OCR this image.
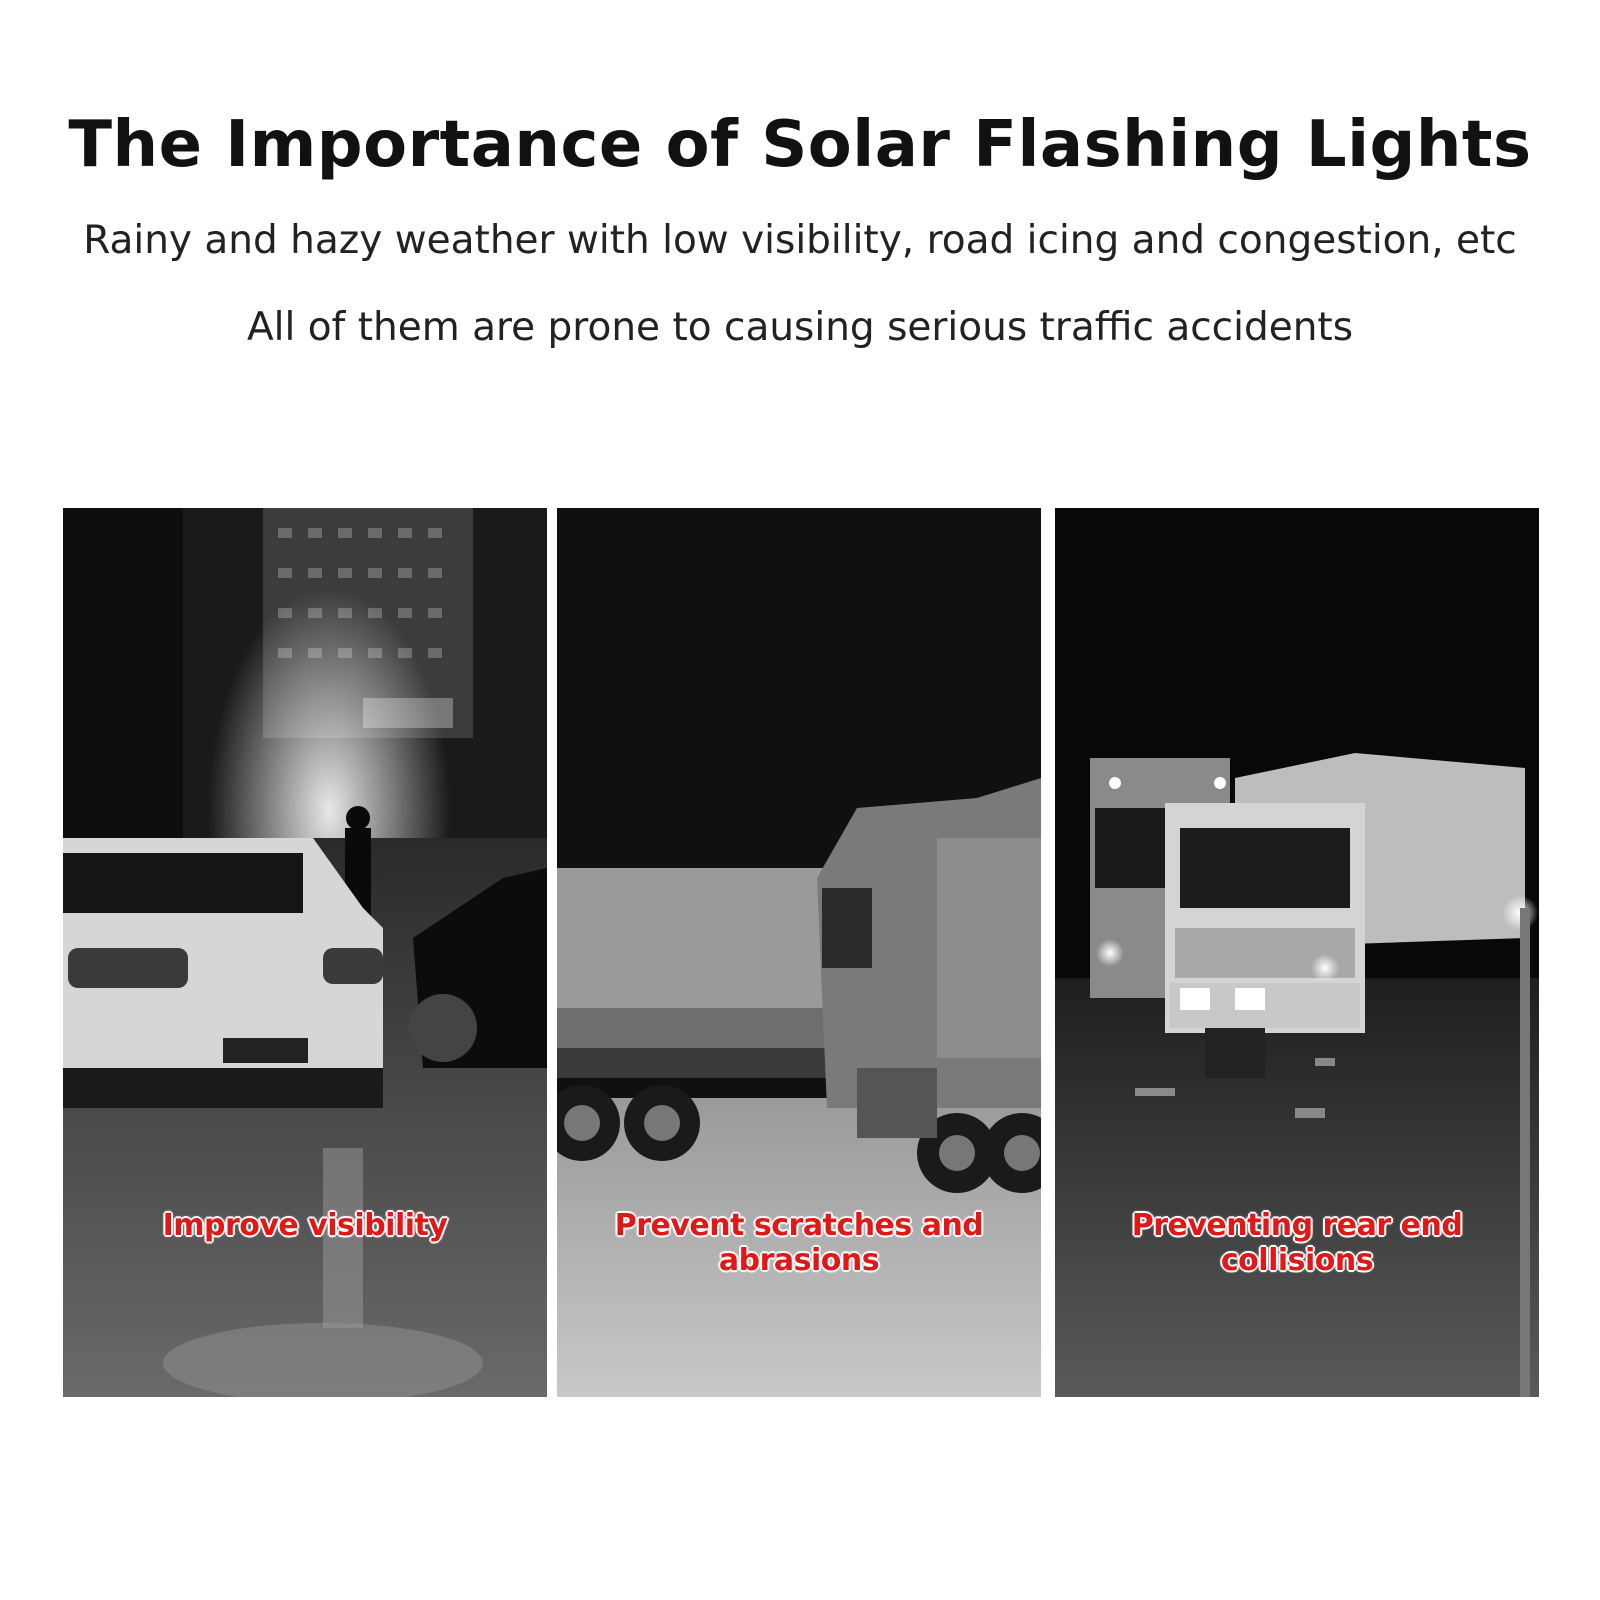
The Importance of Solar Flashing Lights
Rainy and hazy weather with low visibility, road icing and congestion, etc
All of them are prone to causing serious traffic accidents
Improve visibility	Prevent scratches and abrasions
Preventing rear end collisions
